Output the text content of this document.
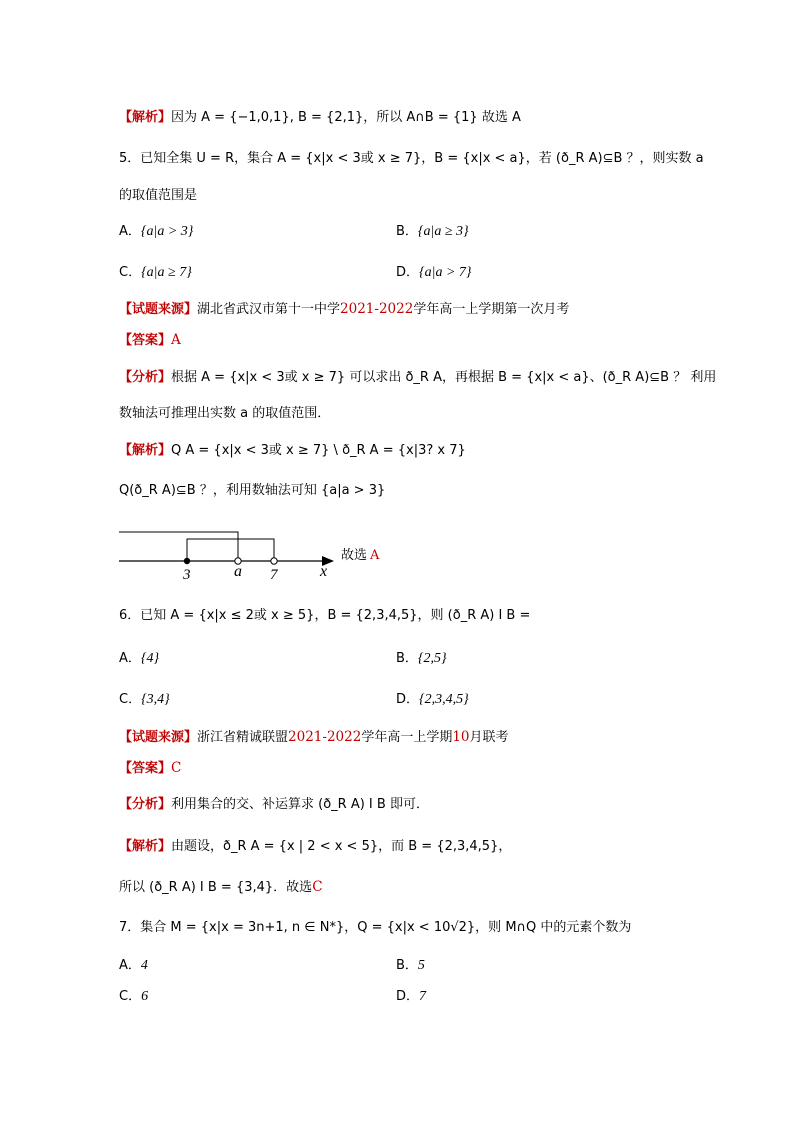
【解析】因为 A = {−1,0,1}, B = {2,1}，所以 A∩B = {1} 故选 A
5．已知全集 U = R，集合 A = {x|x < 3或 x ≥ 7}，B = {x|x < a}，若 (ð_R A)⊆B ？，则实数 a
的取值范围是
A．{a|a > 3}	B．{a|a ≥ 3}
C．{a|a ≥ 7}	D．{a|a > 7}
【试题来源】湖北省武汉市第十一中学2021-2022学年高一上学期第一次月考
【答案】A
【分析】根据 A = {x|x < 3或 x ≥ 7} 可以求出 ð_R A，再根据 B = {x|x < a}、(ð_R A)⊆B ？ 利用
数轴法可推理出实数 a 的取值范围．
【解析】Q A = {x|x < 3或 x ≥ 7} \ ð_R A = {x|3? x 7}
Q(ð_R A)⊆B ？，利用数轴法可知 {a|a > 3}
3	a 7	x
故选 A
6．已知 A = {x|x ≤ 2或 x ≥ 5}，B = {2,3,4,5}，则 (ð_R A) I B =
A．{4}	B．{2,5}
C．{3,4}	D．{2,3,4,5}
【试题来源】浙江省精诚联盟2021-2022学年高一上学期10月联考
【答案】C
【分析】利用集合的交、补运算求 (ð_R A) I B 即可．
【解析】由题设，ð_R A = {x | 2 < x < 5}，而 B = {2,3,4,5}，
所以 (ð_R A) I B = {3,4}．故选C
7．集合 M = {x|x = 3n+1, n ∈ N*}，Q = {x|x < 10√2}，则 M∩Q 中的元素个数为
A．4	B．5
C．6	D．7
